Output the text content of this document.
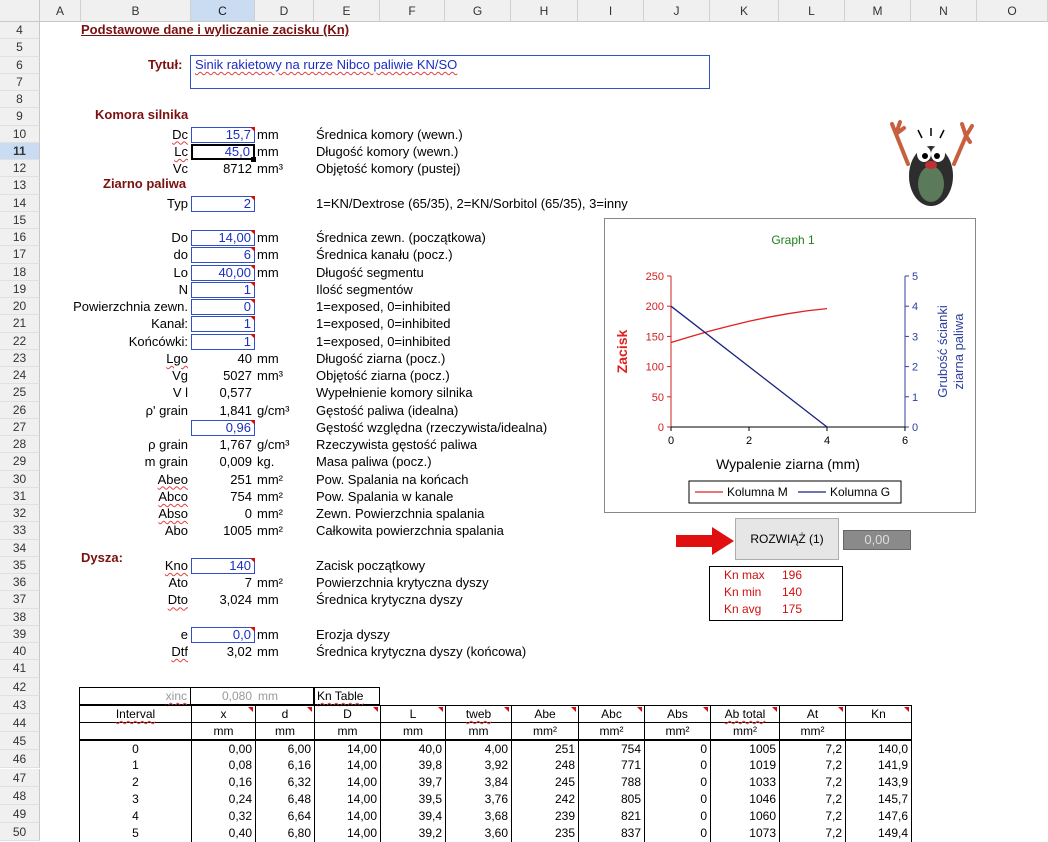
A	B	C	D	E	F	G	H	I	J	K	L	M	N	O
4
5
6
7
8
9
10
11
12
13
14
15
16
17
18
19
20
21
22
23
24
25
26
27
28
29
30
31
32
33
34
35
36
37
38
39
40
41
42
43
44
45
46
47
48
49
50
Podstawowe dane i wyliczanie zacisku (Kn)
Tytuł: Sinik rakietowy na rurze Nibco paliwie KN/SO
Komora silnika
Ziarno paliwa
Dysza:
Dc	15,7 mm	Średnica komory (wewn.)
Lc	45,0 mm	Długość komory (wewn.)
Vc	8712 mm³	Objętość komory (pustej)
Typ	2	1=KN/Dextrose (65/35), 2=KN/Sorbitol (65/35), 3=inny
Do	14,00 mm	Średnica zewn. (początkowa)
do	6 mm	Średnica kanału (pocz.)
Lo	40,00 mm	Długość segmentu
N	1	Ilość segmentów
Powierzchnia zewn.	0	1=exposed, 0=inhibited
Kanał:	1	1=exposed, 0=inhibited
Końcówki:	1	1=exposed, 0=inhibited
Lgo	40 mm	Długość ziarna (pocz.)
Vg	5027 mm³	Objętość ziarna (pocz.)
V l	0,577	Wypełnienie komory silnika
ρ' grain	1,841 g/cm³ Gęstość paliwa (idealna)
0,96	Gęstość względna (rzeczywista/idealna)
ρ grain	1,767 g/cm³ Rzeczywista gęstość paliwa
m grain	0,009 kg.	Masa paliwa (pocz.)
Abeo	251 mm²	Pow. Spalania na końcach
Abco	754 mm²	Pow. Spalania w kanale
Abso	0 mm²	Zewn. Powierzchnia spalania
Abo	1005 mm²	Całkowita powierzchnia spalania
Kno	140	Zacisk początkowy
Ato	7 mm²	Powierzchnia krytyczna dyszy
Dto	3,024 mm	Średnica krytyczna dyszy
e	0,0 mm	Erozja dyszy
Dtf	3,02 mm	Średnica krytyczna dyszy (końcowa)
Graph 1
0
50
100
150
200
250
0
1
2
3
4
5
0	2	4	6
Wypalenie ziarna (mm)
Zacisk	Grubość ścianki ziarna paliwa
Kolumna M	Kolumna G
ROZWIĄŻ (1)	0,00
Kn max 196
Kn min 140
Kn avg 175
xinc	0,080 mm	Kn Table
Interval	x	d	D	L	tweb	Abe	Abc	Abs	Ab total	At	Kn

	mm	mm	mm	mm	mm	mm²	mm²	mm²	mm²	mm²	
0	0,00	6,00	14,00	40,0	4,00	251	754	0	1005	7,2	140,0
1	0,08	6,16	14,00	39,8	3,92	248	771	0	1019	7,2	141,9
2	0,16	6,32	14,00	39,7	3,84	245	788	0	1033	7,2	143,9
3	0,24	6,48	14,00	39,5	3,76	242	805	0	1046	7,2	145,7
4	0,32	6,64	14,00	39,4	3,68	239	821	0	1060	7,2	147,6
5	0,40	6,80	14,00	39,2	3,60	235	837	0	1073	7,2	149,4
